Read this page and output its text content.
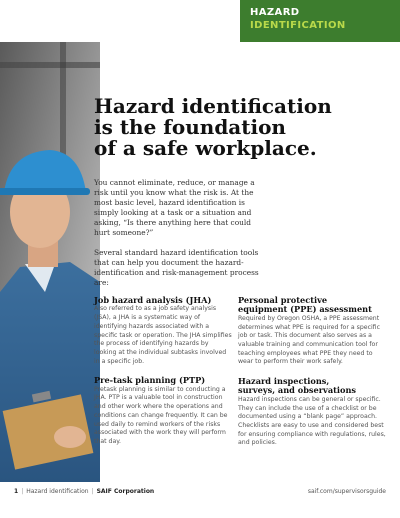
HAZARD
IDENTIFICATION
Hazard identification
is the foundation
of a safe workplace.

You cannot eliminate, reduce, or manage a risk until you know what the risk is. At the most basic level, hazard identification is simply looking at a task or a situation and asking, “Is there anything here that could hurt someone?”

Several standard hazard identification tools that can help you document the hazard-identification and risk-management process are:

Job hazard analysis (JHA)

Also referred to as a job safety analysis (JSA), a JHA is a systematic way of identifying hazards associated with a specific task or operation. The JHA simplifies the process of identifying hazards by looking at the individual subtasks involved in a specific job.

Pre-task planning (PTP)

Pretask planning is similar to conducting a JHA. PTP is a valuable tool in construction and other work where the operations and conditions can change frequently. It can be used daily to remind workers of the risks associated with the work they will perform that day.

Personal protective
equipment (PPE) assessment

Required by Oregon OSHA, a PPE assessment determines what PPE is required for a specific job or task. This document also serves as a valuable training and communication tool for teaching employees what PPE they need to wear to perform their work safely.

Hazard inspections,
surveys, and observations

Hazard inspections can be general or specific. They can include the use of a checklist or be documented using a “blank page” approach. Checklists are easy to use and considered best for ensuring compliance with regulations, rules, and policies.

1 | Hazard identification | SAIF Corporation	saif.com/supervisorsguide
